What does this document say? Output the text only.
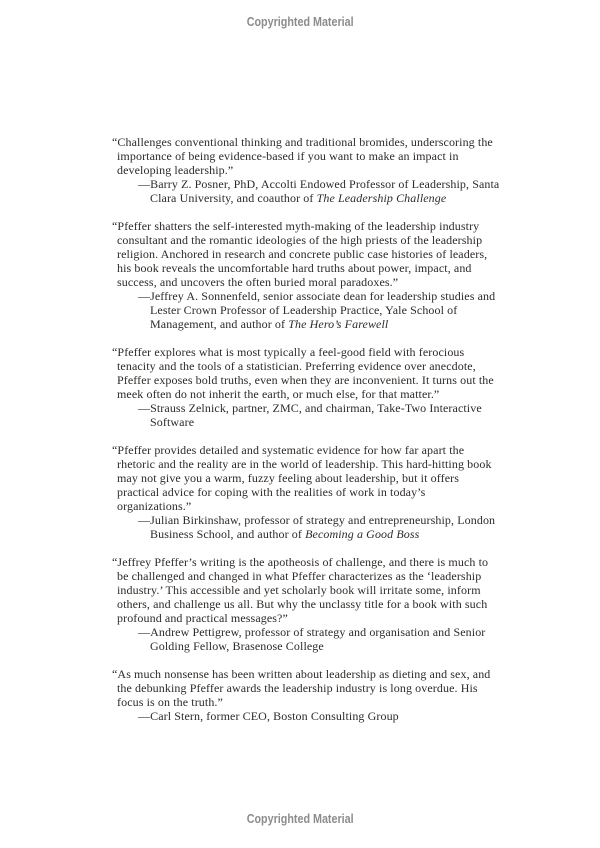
Copyrighted Material

“Challenges conventional thinking and traditional bromides, underscoring the importance of being evidence-based if you want to make an impact in developing leadership.”

—Barry Z. Posner, PhD, Accolti Endowed Professor of Leadership, Santa Clara University, and coauthor of The Leadership Challenge

“Pfeffer shatters the self-interested myth-making of the leadership industry consultant and the romantic ideologies of the high priests of the leadership religion. Anchored in research and concrete public case histories of leaders, his book reveals the uncomfortable hard truths about power, impact, and success, and uncovers the often buried moral paradoxes.”

—Jeffrey A. Sonnenfeld, senior associate dean for leadership studies and Lester Crown Professor of Leadership Practice, Yale School of Management, and author of The Hero’s Farewell

“Pfeffer explores what is most typically a feel-good field with ferocious tenacity and the tools of a statistician. Preferring evidence over anecdote, Pfeffer exposes bold truths, even when they are inconvenient. It turns out the meek often do not inherit the earth, or much else, for that matter.”

—Strauss Zelnick, partner, ZMC, and chairman, Take-Two Interactive Software

“Pfeffer provides detailed and systematic evidence for how far apart the rhetoric and the reality are in the world of leadership. This hard-hitting book may not give you a warm, fuzzy feeling about leadership, but it offers practical advice for coping with the realities of work in today’s organizations.”

—Julian Birkinshaw, professor of strategy and entrepreneurship, London Business School, and author of Becoming a Good Boss

“Jeffrey Pfeffer’s writing is the apotheosis of challenge, and there is much to be challenged and changed in what Pfeffer characterizes as the ‘leadership industry.’ This accessible and yet scholarly book will irritate some, inform others, and challenge us all. But why the unclassy title for a book with such profound and practical messages?”

—Andrew Pettigrew, professor of strategy and organisation and Senior Golding Fellow, Brasenose College

“As much nonsense has been written about leadership as dieting and sex, and the debunking Pfeffer awards the leadership industry is long overdue. His focus is on the truth.”

—Carl Stern, former CEO, Boston Consulting Group

Copyrighted Material
